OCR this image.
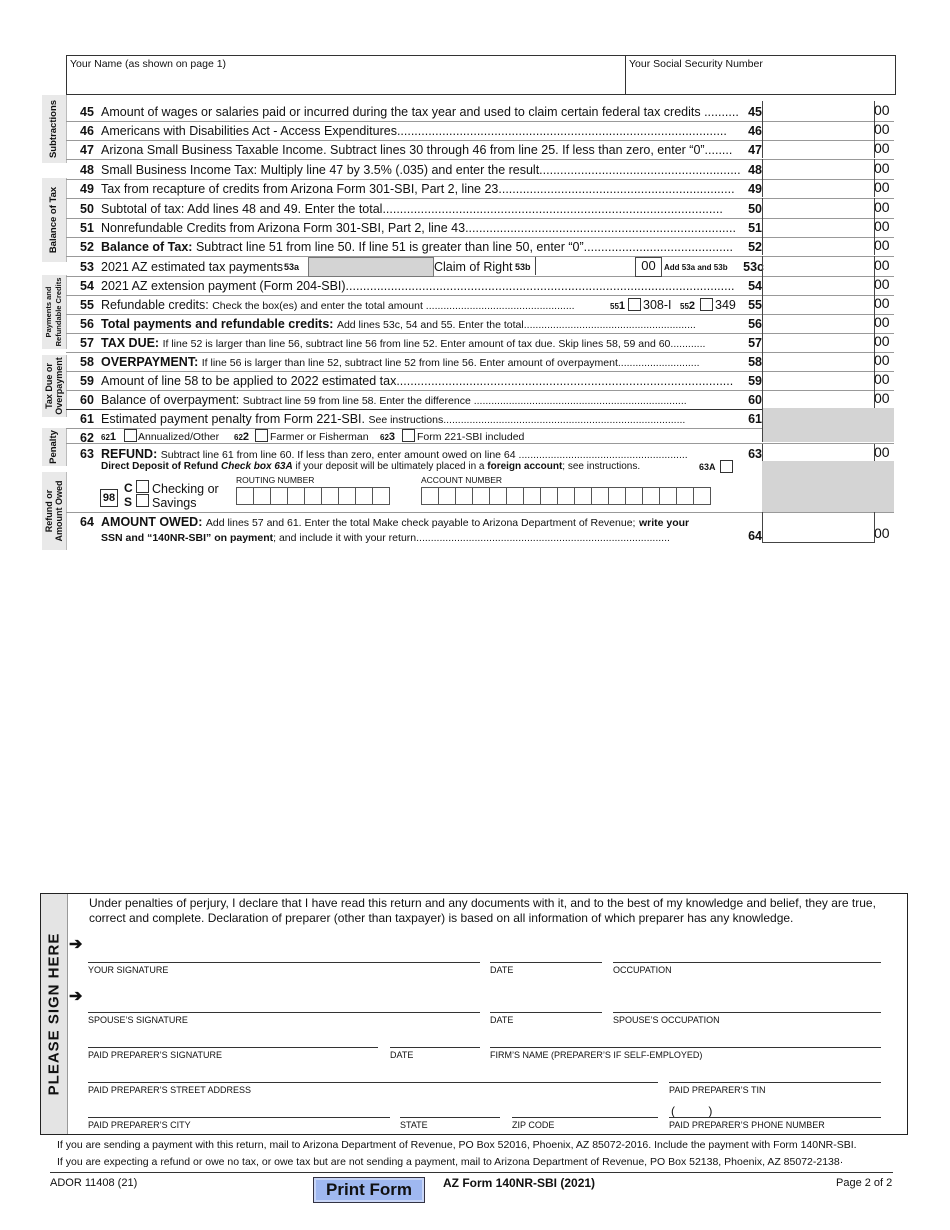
Your Name (as shown on page 1)	Your Social Security Number
Subtractions
Balance of Tax
Payments and Refundable Credits
Tax Due or Overpayment
Penalty
Refund or Amount Owed
45 Amount of wages or salaries paid or incurred during the tax year and used to claim certain federal tax credits .......... 45	00
46 Americans with Disabilities Act - Access Expenditures...............................................................................................	46	00
47 Arizona Small Business Taxable Income. Subtract lines 30 through 46 from line 25. If less than zero, enter “0”........	47	00
48 Small Business Income Tax: Multiply line 47 by 3.5% (.035) and enter the result.......................................................... 48	00
49 Tax from recapture of credits from Arizona Form 301-SBI, Part 2, line 23....................................................................	49	00
50 Subtotal of tax: Add lines 48 and 49. Enter the total..................................................................................................	50	00
51 Nonrefundable Credits from Arizona Form 301-SBI, Part 2, line 43.............................................................................. 51	00
52 Balance of Tax: Subtract line 51 from line 50. If line 51 is greater than line 50, enter “0”...........................................	52	00
53 2021 AZ estimated tax payments 53a	Claim of Right 53b	00	Add 53a and 53b	53c	00
54 2021 AZ extension payment (Form 204-SBI)................................................................................................................	54	00
55 Refundable credits: Check the box(es) and enter the total amount ...................................................	551 308-I 552 349 55	00
56 Total payments and refundable credits: Add lines 53c, 54 and 55. Enter the total...........................................................	56	00
57 TAX DUE: If line 52 is larger than line 56, subtract line 56 from line 52. Enter amount of tax due. Skip lines 58, 59 and 60............	57	00
58 OVERPAYMENT: If line 56 is larger than line 52, subtract line 52 from line 56. Enter amount of overpayment............................	58	00
59 Amount of line 58 to be applied to 2022 estimated tax.................................................................................................	59	00
60 Balance of overpayment: Subtract line 59 from line 58. Enter the difference .........................................................................	60	00
61 Estimated payment penalty from Form 221-SBI. See instructions...................................................................................	61
62 621 Annualized/Other 622 Farmer or Fisherman 623 Form 221-SBI included
63 REFUND: Subtract line 61 from line 60. If less than zero, enter amount owed on line 64 ..........................................................	63	00
Direct Deposit of Refund Check box 63A if your deposit will be ultimately placed in a foreign account; see instructions.	63A
ROUTING NUMBER	ACCOUNT NUMBER
98
C Checking or
S Savings
64 AMOUNT OWED: Add lines 57 and 61. Enter the total Make check payable to Arizona Department of Revenue; write your
SSN and “140NR-SBI” on payment; and include it with your return.......................................................................................	64	00
PLEASE SIGN HERE
Under penalties of perjury, I declare that I have read this return and any documents with it, and to the best of my knowledge and belief, they are true, correct and complete. Declaration of preparer (other than taxpayer) is based on all information of which preparer has any knowledge.
➔
➔
YOUR SIGNATURE	DATE	OCCUPATION
SPOUSE’S SIGNATURE	DATE	SPOUSE’S OCCUPATION
PAID PREPARER’S SIGNATURE	DATE	FIRM’S NAME (PREPARER’S IF SELF-EMPLOYED)
PAID PREPARER’S STREET ADDRESS	PAID PREPARER’S TIN
(          )
PAID PREPARER’S CITY	STATE	ZIP CODE	PAID PREPARER’S PHONE NUMBER
If you are sending a payment with this return, mail to Arizona Department of Revenue, PO Box 52016, Phoenix, AZ 85072-2016. Include the payment with Form 140NR-SBI.
If you are expecting a refund or owe no tax, or owe tax but are not sending a payment, mail to Arizona Department of Revenue, PO Box 52138, Phoenix, AZ 85072-2138·
ADOR 11408 (21)	Print Form	AZ Form 140NR-SBI (2021)	Page 2 of 2
